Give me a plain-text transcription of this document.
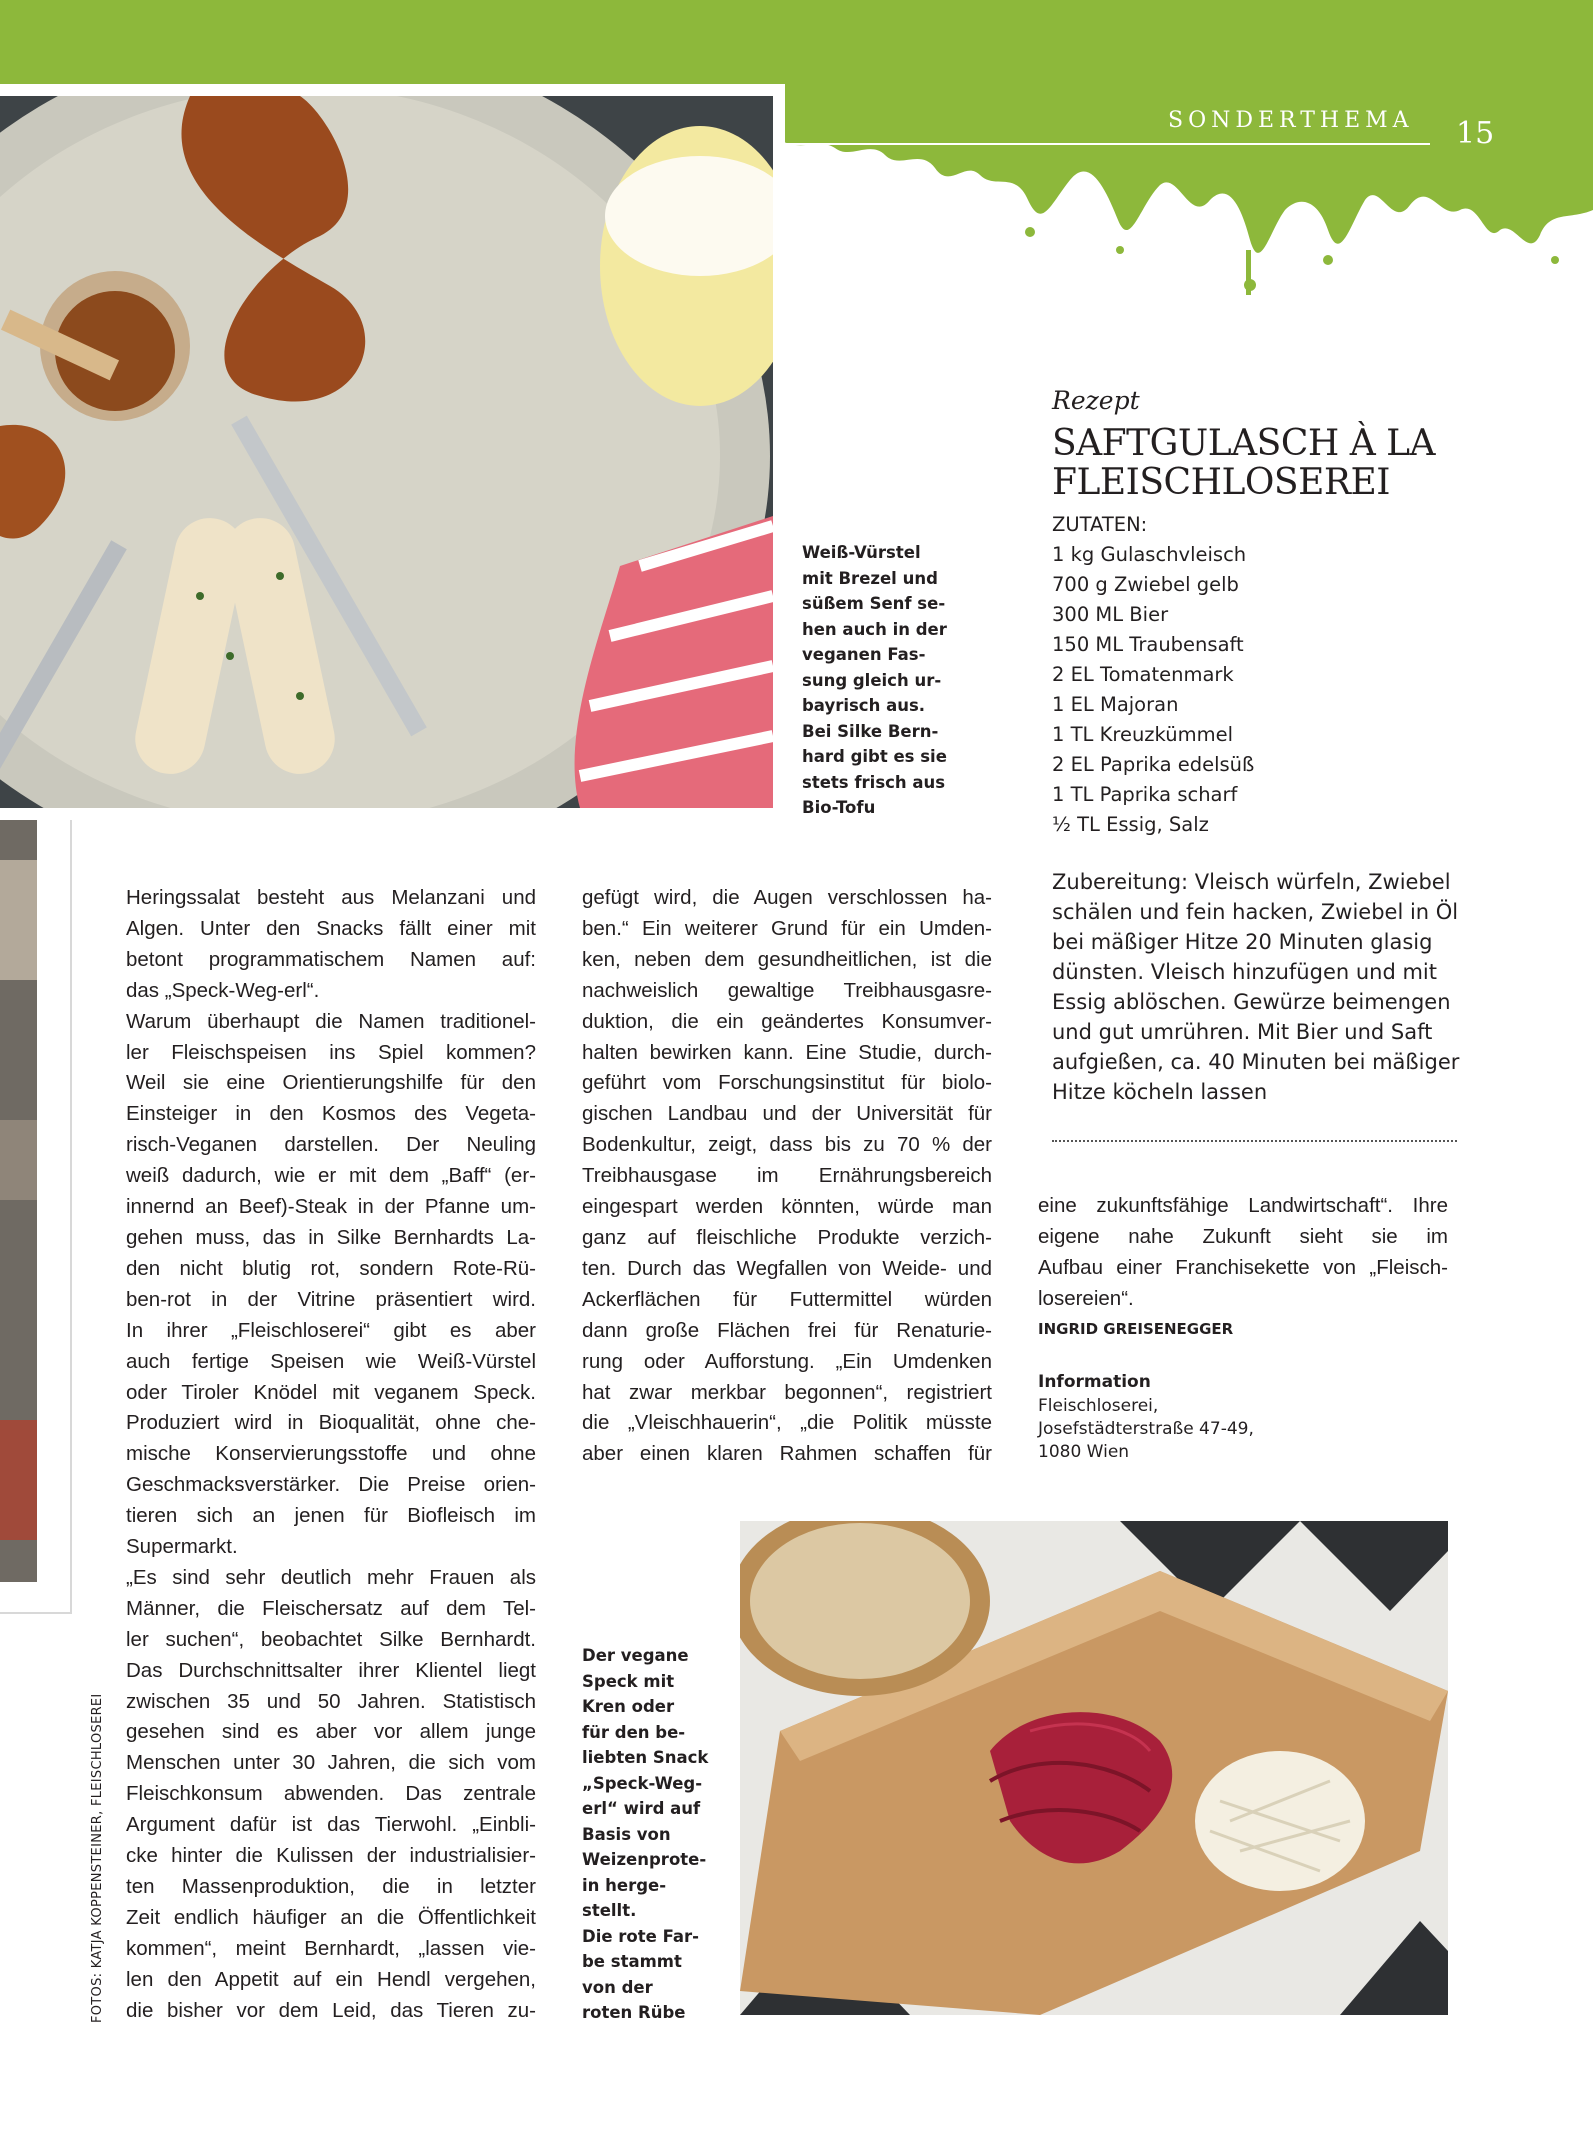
SONDERTHEMA 15
Weiß-Vürstel
mit Brezel und
süßem Senf se-
hen auch in der
veganen Fas-
sung gleich ur-
bayrisch aus.
Bei Silke Bern-
hard gibt es sie
stets frisch aus
Bio-Tofu
Rezept
SAFTGULASCH À LA
FLEISCHLOSEREI
ZUTATEN:
1 kg Gulaschvleisch
700 g Zwiebel gelb
300 ML Bier
150 ML Traubensaft
2 EL Tomatenmark
1 EL Majoran
1 TL Kreuzkümmel
2 EL Paprika edelsüß
1 TL Paprika scharf
½ TL Essig, Salz
Zubereitung: Vleisch würfeln, Zwiebel
schälen und fein hacken, Zwiebel in Öl
bei mäßiger Hitze 20 Minuten glasig
dünsten. Vleisch hinzufügen und mit
Essig ablöschen. Gewürze beimengen
und gut umrühren. Mit Bier und Saft
aufgießen, ca. 40 Minuten bei mäßiger
Hitze köcheln lassen
Heringssalat besteht aus Melanzani und
Algen. Unter den Snacks fällt einer mit
betont programmatischem Namen auf:
das „Speck-Weg-erl“.
Warum überhaupt die Namen traditionel-
ler Fleischspeisen ins Spiel kommen?
Weil sie eine Orientierungshilfe für den
Einsteiger in den Kosmos des Vegeta-
risch-Veganen darstellen. Der Neuling
weiß dadurch, wie er mit dem „Baff“ (er-
innernd an Beef)-Steak in der Pfanne um-
gehen muss, das in Silke Bernhardts La-
den nicht blutig rot, sondern Rote-Rü-
ben-rot in der Vitrine präsentiert wird.
In ihrer „Fleischloserei“ gibt es aber
auch fertige Speisen wie Weiß-Vürstel
oder Tiroler Knödel mit veganem Speck.
Produziert wird in Bioqualität, ohne che-
mische Konservierungsstoffe und ohne
Geschmacksverstärker. Die Preise orien-
tieren sich an jenen für Biofleisch im
Supermarkt.
„Es sind sehr deutlich mehr Frauen als
Männer, die Fleischersatz auf dem Tel-
ler suchen“, beobachtet Silke Bernhardt.
Das Durchschnittsalter ihrer Klientel liegt
zwischen 35 und 50 Jahren. Statistisch
gesehen sind es aber vor allem junge
Menschen unter 30 Jahren, die sich vom
Fleischkonsum abwenden. Das zentrale
Argument dafür ist das Tierwohl. „Einbli-
cke hinter die Kulissen der industrialisier-
ten Massenproduktion, die in letzter
Zeit endlich häufiger an die Öffentlichkeit
kommen“, meint Bernhardt, „lassen vie-
len den Appetit auf ein Hendl vergehen,
die bisher vor dem Leid, das Tieren zu-
gefügt wird, die Augen verschlossen ha-
ben.“ Ein weiterer Grund für ein Umden-
ken, neben dem gesundheitlichen, ist die
nachweislich gewaltige Treibhausgasre-
duktion, die ein geändertes Konsumver-
halten bewirken kann. Eine Studie, durch-
geführt vom Forschungsinstitut für biolo-
gischen Landbau und der Universität für
Bodenkultur, zeigt, dass bis zu 70 % der
Treibhausgase im Ernährungsbereich
eingespart werden könnten, würde man
ganz auf fleischliche Produkte verzich-
ten. Durch das Wegfallen von Weide- und
Ackerflächen für Futtermittel würden
dann große Flächen frei für Renaturie-
rung oder Aufforstung. „Ein Umdenken
hat zwar merkbar begonnen“, registriert
die „Vleischhauerin“, „die Politik müsste
aber einen klaren Rahmen schaffen für
eine zukunftsfähige Landwirtschaft“. Ihre
eigene nahe Zukunft sieht sie im
Aufbau einer Franchisekette von „Fleisch-
losereien“.
INGRID GREISENEGGER
Information
Fleischloserei,
Josefstädterstraße 47-49,
1080 Wien
FOTOS: KATJA KOPPENSTEINER, FLEISCHLOSEREI
Der vegane
Speck mit
Kren oder
für den be-
liebten Snack
„Speck-Weg-
erl“ wird auf
Basis von
Weizenprote-
in herge-
stellt.
Die rote Far-
be stammt
von der
roten Rübe
